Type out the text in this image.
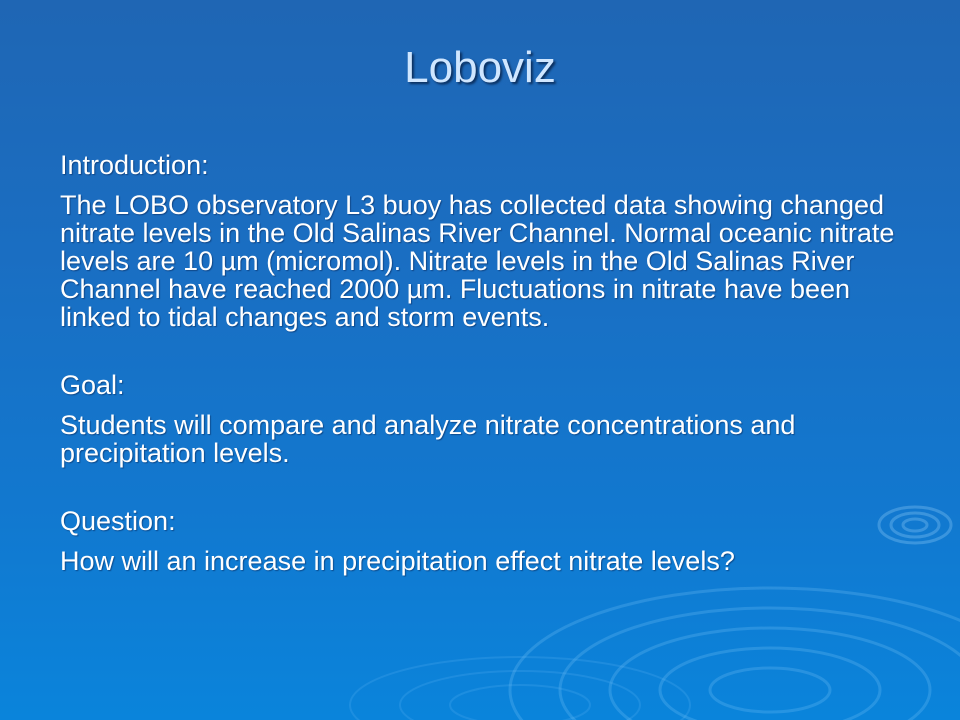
Loboviz
Introduction:
The LOBO observatory L3 buoy has collected data showing changed nitrate levels in the Old Salinas River Channel. Normal oceanic nitrate levels are 10 µm (micromol). Nitrate levels in the Old Salinas River Channel have reached 2000 µm. Fluctuations in nitrate have been linked to tidal changes and storm events.
Goal:
Students will compare and analyze nitrate concentrations and precipitation levels.
Question:
How will an increase in precipitation effect nitrate levels?
